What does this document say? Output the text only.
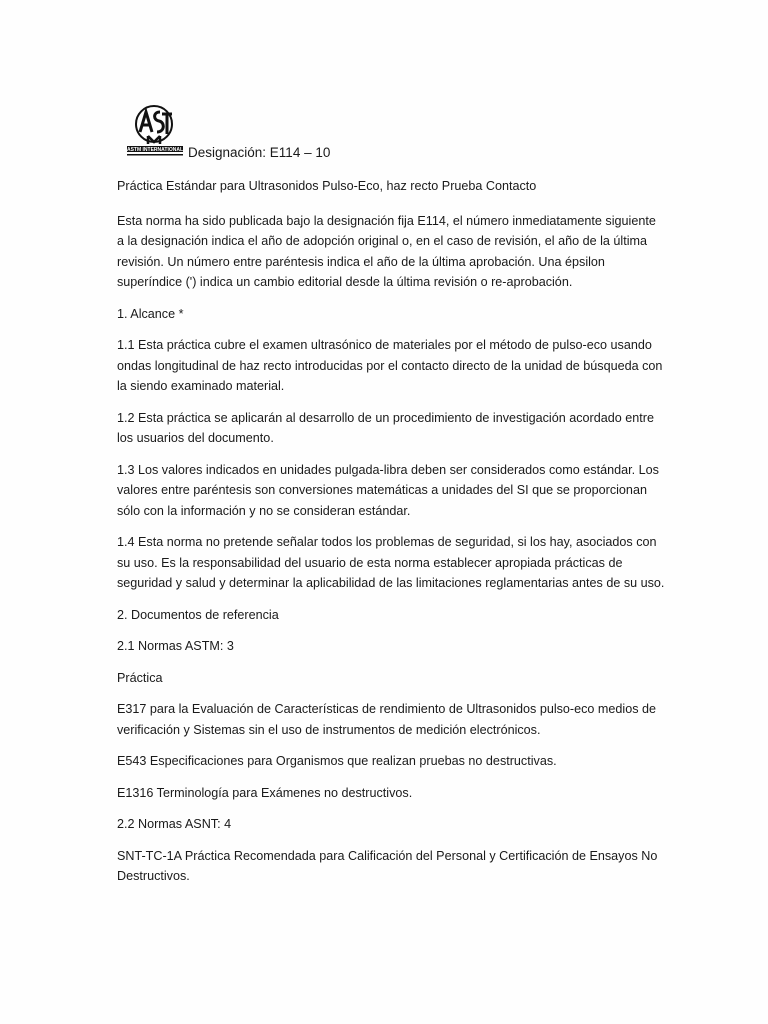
ASTM INTERNATIONAL Designación: E114 – 10

Práctica Estándar para Ultrasonidos Pulso-Eco, haz recto Prueba Contacto

Esta norma ha sido publicada bajo la designación fija E114, el número inmediatamente siguiente a la designación indica el año de adopción original o, en el caso de revisión, el año de la última revisión. Un número entre paréntesis indica el año de la última aprobación. Una épsilon superíndice (') indica un cambio editorial desde la última revisión o re-aprobación.

1. Alcance *

1.1 Esta práctica cubre el examen ultrasónico de materiales por el método de pulso-eco usando ondas longitudinal de haz recto introducidas por el contacto directo de la unidad de búsqueda con la siendo examinado material.

1.2 Esta práctica se aplicarán al desarrollo de un procedimiento de investigación acordado entre los usuarios del documento.

1.3 Los valores indicados en unidades pulgada-libra deben ser considerados como estándar. Los valores entre paréntesis son conversiones matemáticas a unidades del SI que se proporcionan sólo con la información y no se consideran estándar.

1.4 Esta norma no pretende señalar todos los problemas de seguridad, si los hay, asociados con su uso. Es la responsabilidad del usuario de esta norma establecer apropiada prácticas de seguridad y salud y determinar la aplicabilidad de las limitaciones reglamentarias antes de su uso.

2. Documentos de referencia

2.1 Normas ASTM: 3

Práctica

E317 para la Evaluación de Características de rendimiento de Ultrasonidos pulso-eco medios de verificación y Sistemas sin el uso de instrumentos de medición electrónicos.

E543 Especificaciones para Organismos que realizan pruebas no destructivas.

E1316 Terminología para Exámenes no destructivos.

2.2 Normas ASNT: 4

SNT-TC-1A Práctica Recomendada para Calificación del Personal y Certificación de Ensayos No Destructivos.
